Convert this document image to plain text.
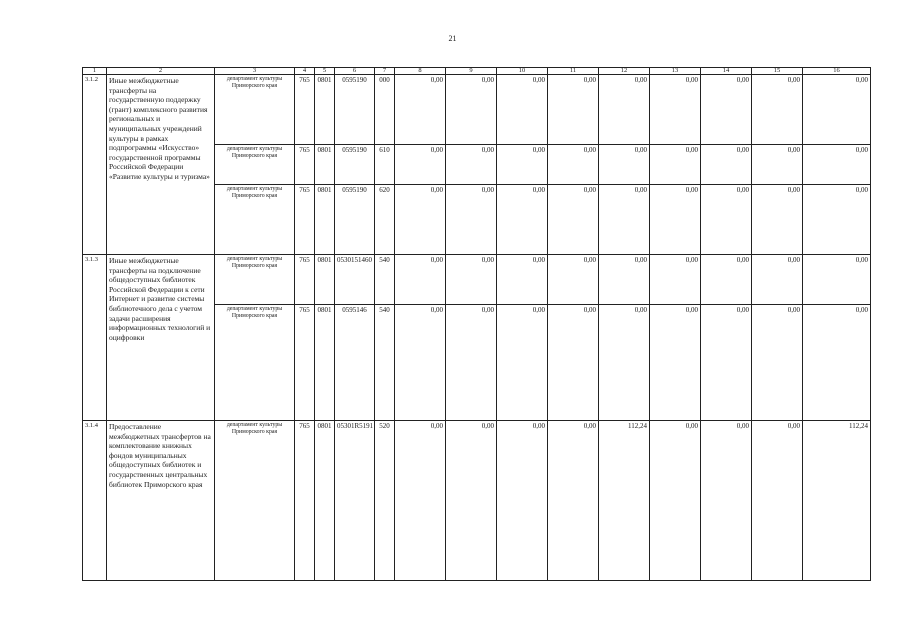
21
1	2	3	4	5	6	7	8	9	10	11	12	13	14	15	16
3.1.2	Иные межбюджетные трансферты на государственную поддержку (грант) комплексного развития региональных и муниципальных учреждений культуры в рамках подпрограммы «Искусство» государственной программы Российской Федерации «Развитие культуры и туризма»	департамент культуры Приморского края	765	0801	0595190	000	0,00	0,00	0,00	0,00	0,00	0,00	0,00	0,00	0,00
		департамент культуры Приморского края	765	0801	0595190	610	0,00	0,00	0,00	0,00	0,00	0,00	0,00	0,00	0,00
		департамент культуры Приморского края	765	0801	0595190	620	0,00	0,00	0,00	0,00	0,00	0,00	0,00	0,00	0,00
3.1.3	Иные межбюджетные трансферты на подключение общедоступных библиотек Российской Федерации к сети Интернет и развитие системы библиотечного дела с учетом задачи расширения информационных технологий и оцифровки	департамент культуры Приморского края	765	0801	0530151460	540	0,00	0,00	0,00	0,00	0,00	0,00	0,00	0,00	0,00
		департамент культуры Приморского края	765	0801	0595146	540	0,00	0,00	0,00	0,00	0,00	0,00	0,00	0,00	0,00
3.1.4	Предоставление межбюджетных трансфертов на комплектование книжных фондов муниципальных общедоступных библиотек и государственных центральных библиотек Приморского края	департамент культуры Приморского края	765	0801	05301R5191	520	0,00	0,00	0,00	0,00	112,24	0,00	0,00	0,00	112,24
